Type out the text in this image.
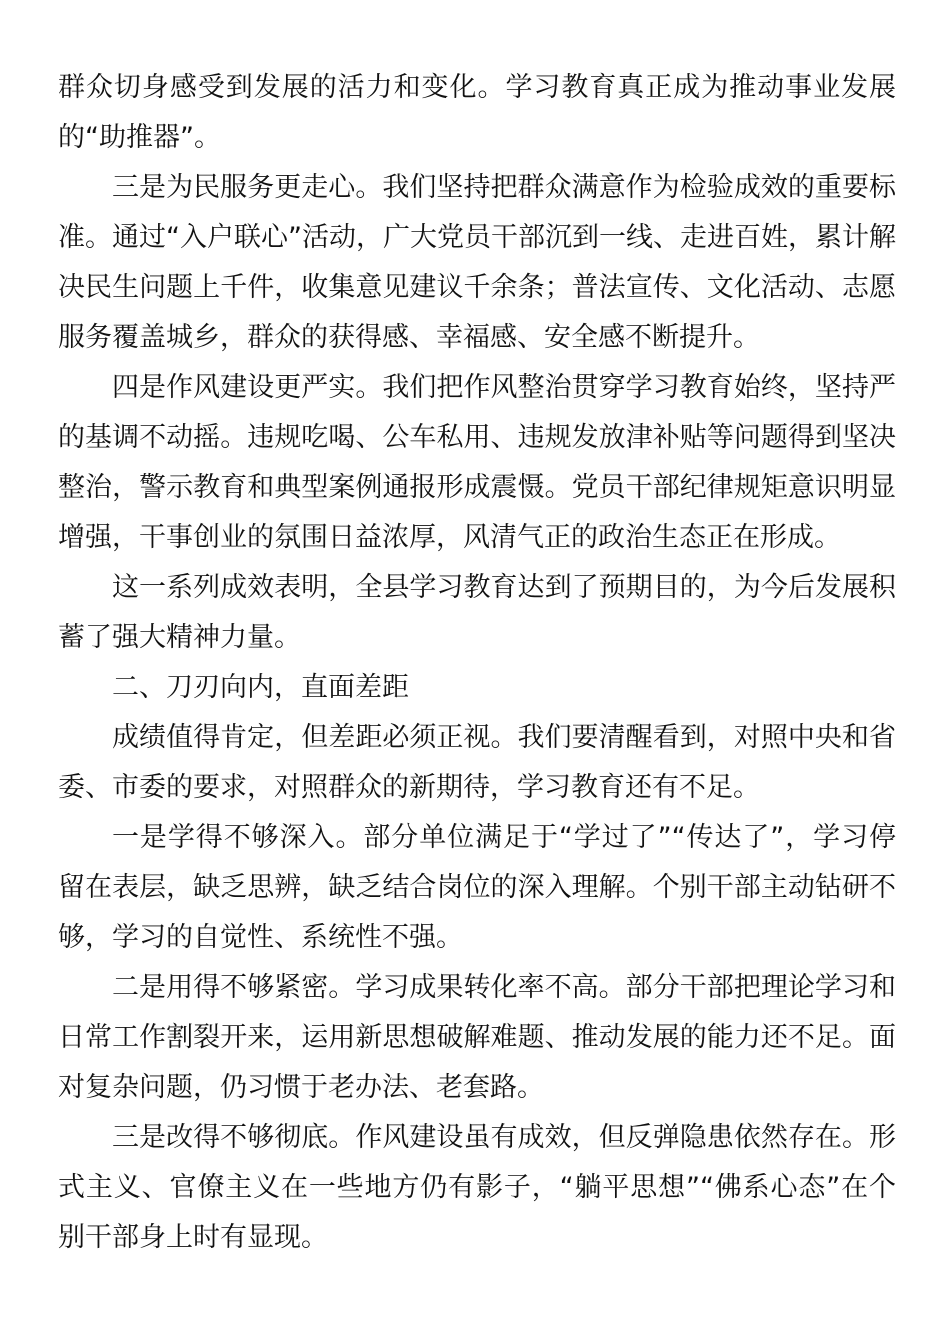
群众切身感受到发展的活力和变化。学习教育真正成为推动事业发展的“助推器”。

三是为民服务更走心。我们坚持把群众满意作为检验成效的重要标准。通过“入户联心”活动，广大党员干部沉到一线、走进百姓，累计解决民生问题上千件，收集意见建议千余条；普法宣传、文化活动、志愿服务覆盖城乡，群众的获得感、幸福感、安全感不断提升。

四是作风建设更严实。我们把作风整治贯穿学习教育始终，坚持严的基调不动摇。违规吃喝、公车私用、违规发放津补贴等问题得到坚决整治，警示教育和典型案例通报形成震慑。党员干部纪律规矩意识明显增强，干事创业的氛围日益浓厚，风清气正的政治生态正在形成。

这一系列成效表明，全县学习教育达到了预期目的，为今后发展积蓄了强大精神力量。

二、刀刃向内，直面差距

成绩值得肯定，但差距必须正视。我们要清醒看到，对照中央和省委、市委的要求，对照群众的新期待，学习教育还有不足。

一是学得不够深入。部分单位满足于“学过了”“传达了”，学习停留在表层，缺乏思辨，缺乏结合岗位的深入理解。个别干部主动钻研不够，学习的自觉性、系统性不强。

二是用得不够紧密。学习成果转化率不高。部分干部把理论学习和日常工作割裂开来，运用新思想破解难题、推动发展的能力还不足。面对复杂问题，仍习惯于老办法、老套路。

三是改得不够彻底。作风建设虽有成效，但反弹隐患依然存在。形式主义、官僚主义在一些地方仍有影子，“躺平思想”“佛系心态”在个别干部身上时有显现。
